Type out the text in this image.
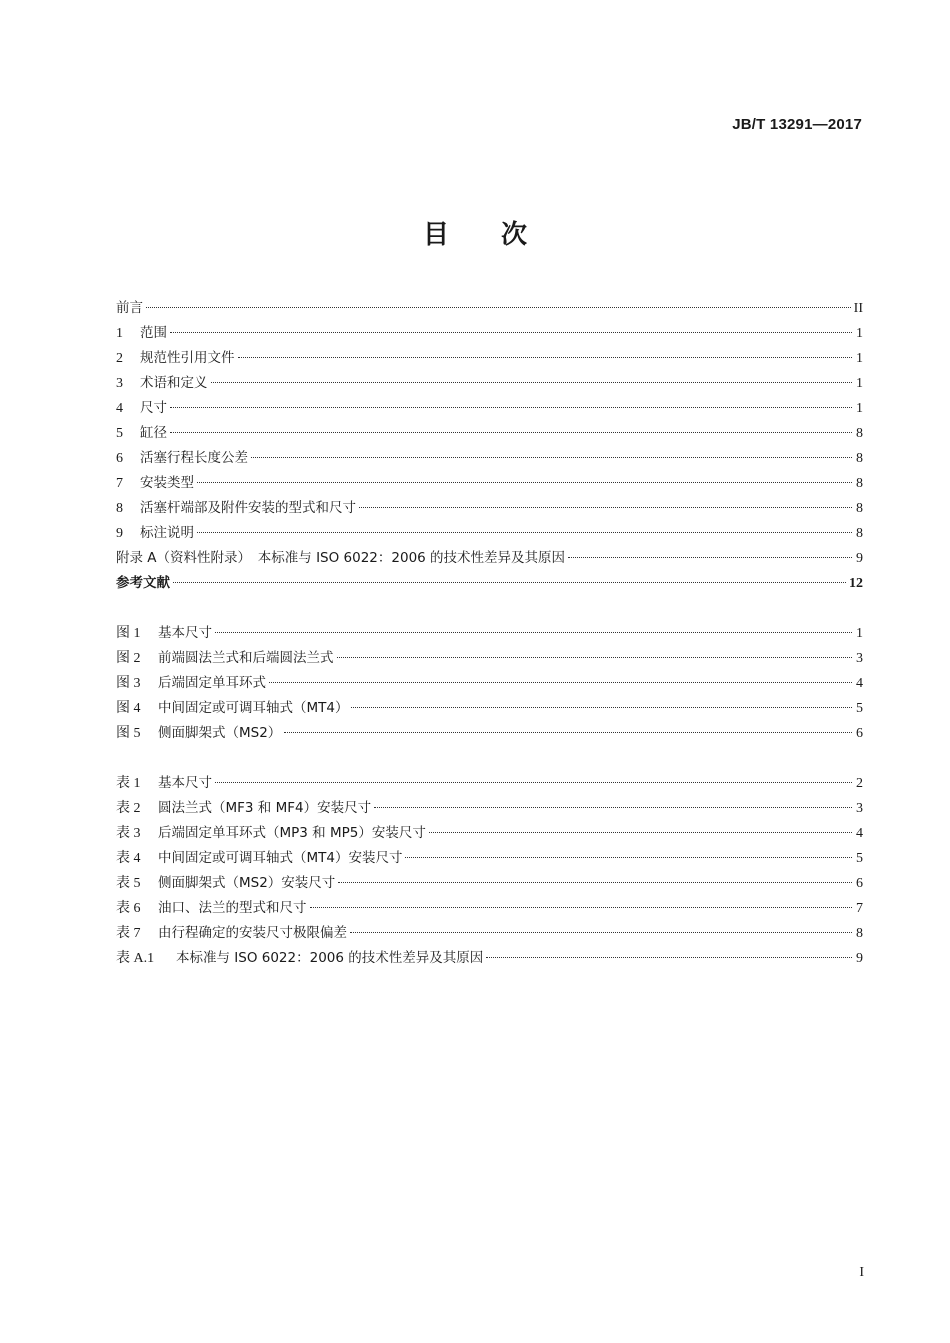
JB/T 13291—2017
目次
前言	II
1	范围	1
2	规范性引用文件	1
3	术语和定义	1
4	尺寸	1
5	缸径	8
6	活塞行程长度公差	8
7	安装类型	8
8	活塞杆端部及附件安装的型式和尺寸	8
9	标注说明	8
附录 A（资料性附录）　本标准与 ISO 6022：2006 的技术性差异及其原因	9
参考文献	12
图 1	基本尺寸	1
图 2	前端圆法兰式和后端圆法兰式	3
图 3	后端固定单耳环式	4
图 4	中间固定或可调耳轴式（MT4）	5
图 5	侧面脚架式（MS2）	6
表 1	基本尺寸	2
表 2	圆法兰式（MF3 和 MF4）安装尺寸	3
表 3	后端固定单耳环式（MP3 和 MP5）安装尺寸	4
表 4	中间固定或可调耳轴式（MT4）安装尺寸	5
表 5	侧面脚架式（MS2）安装尺寸	6
表 6	油口、法兰的型式和尺寸	7
表 7	由行程确定的安装尺寸极限偏差	8
表 A.1	本标准与 ISO 6022：2006 的技术性差异及其原因	9
I
